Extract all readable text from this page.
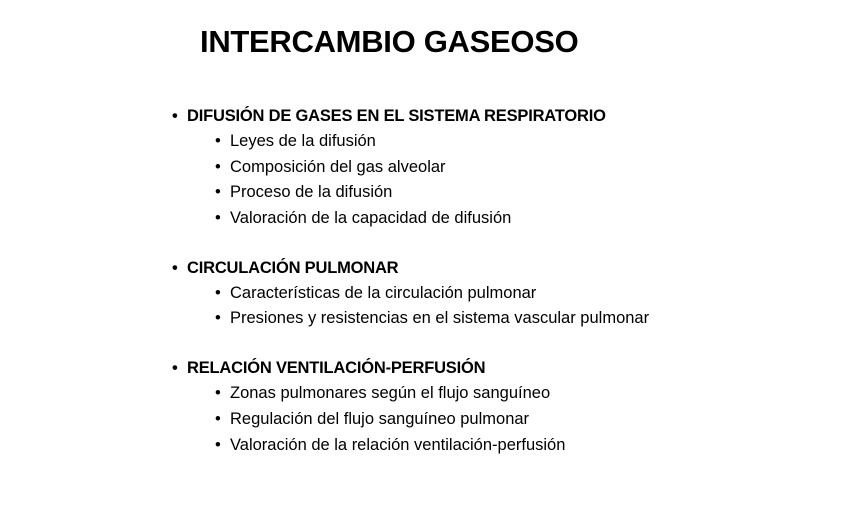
INTERCAMBIO GASEOSO
• DIFUSIÓN DE GASES EN EL SISTEMA RESPIRATORIO
• Leyes de la difusión
• Composición del gas alveolar
• Proceso de la difusión
• Valoración de la capacidad de difusión
• CIRCULACIÓN PULMONAR
• Características de la circulación pulmonar
• Presiones y resistencias en el sistema vascular pulmonar
• RELACIÓN VENTILACIÓN-PERFUSIÓN
• Zonas pulmonares según el flujo sanguíneo
• Regulación del flujo sanguíneo pulmonar
• Valoración de la relación ventilación-perfusión
